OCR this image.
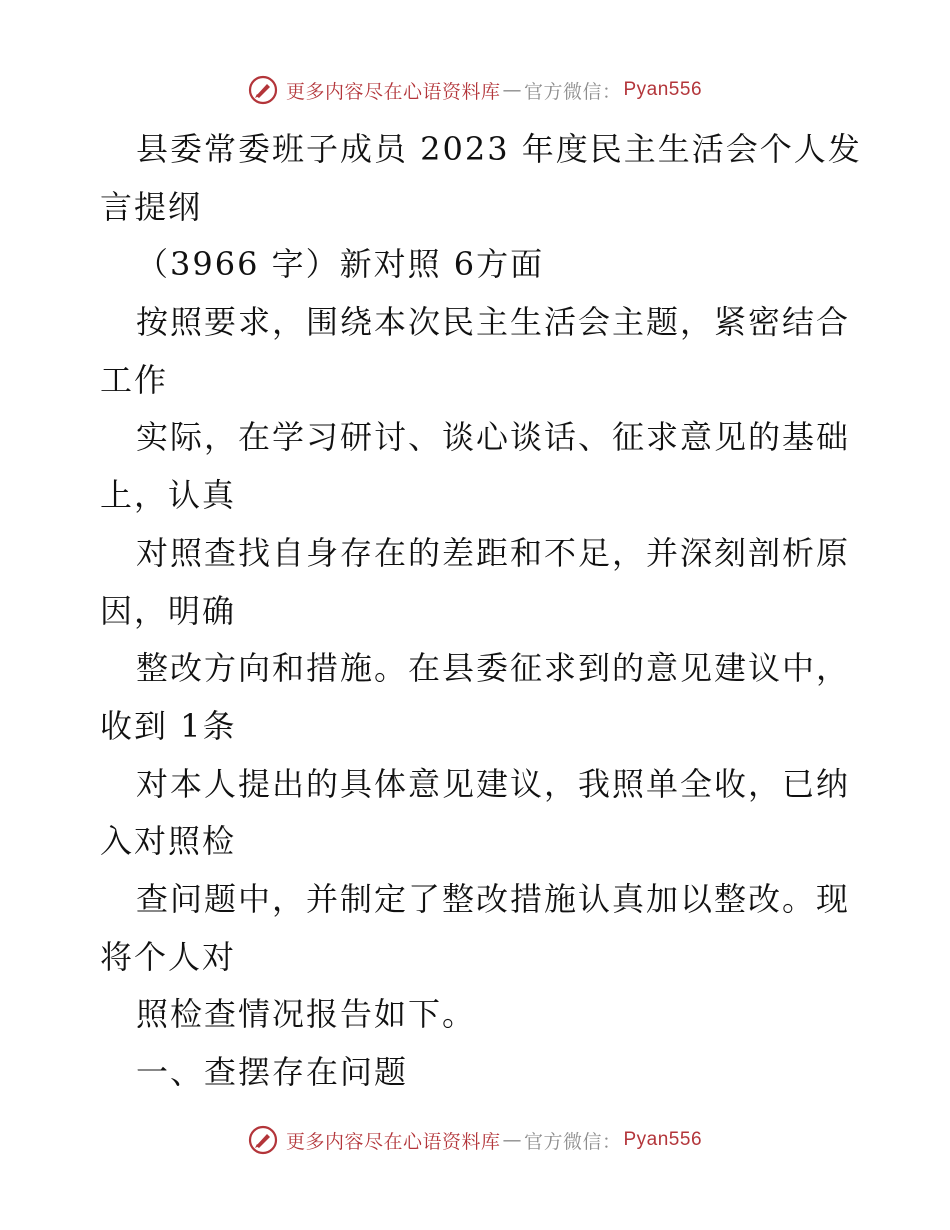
更多内容尽在心语资料库 — 官方微信： Pyan556
县委常委班子成员 2023 年度民主生活会个人发
言提纲
（3966 字）新对照 6方面
按照要求，围绕本次民主生活会主题，紧密结合
工作
实际，在学习研讨、谈心谈话、征求意见的基础
上，认真
对照查找自身存在的差距和不足，并深刻剖析原
因，明确
整改方向和措施。在县委征求到的意见建议中，
收到 1条
对本人提出的具体意见建议，我照单全收，已纳
入对照检
查问题中，并制定了整改措施认真加以整改。现
将个人对
照检查情况报告如下。
一、查摆存在问题
更多内容尽在心语资料库 — 官方微信： Pyan556
